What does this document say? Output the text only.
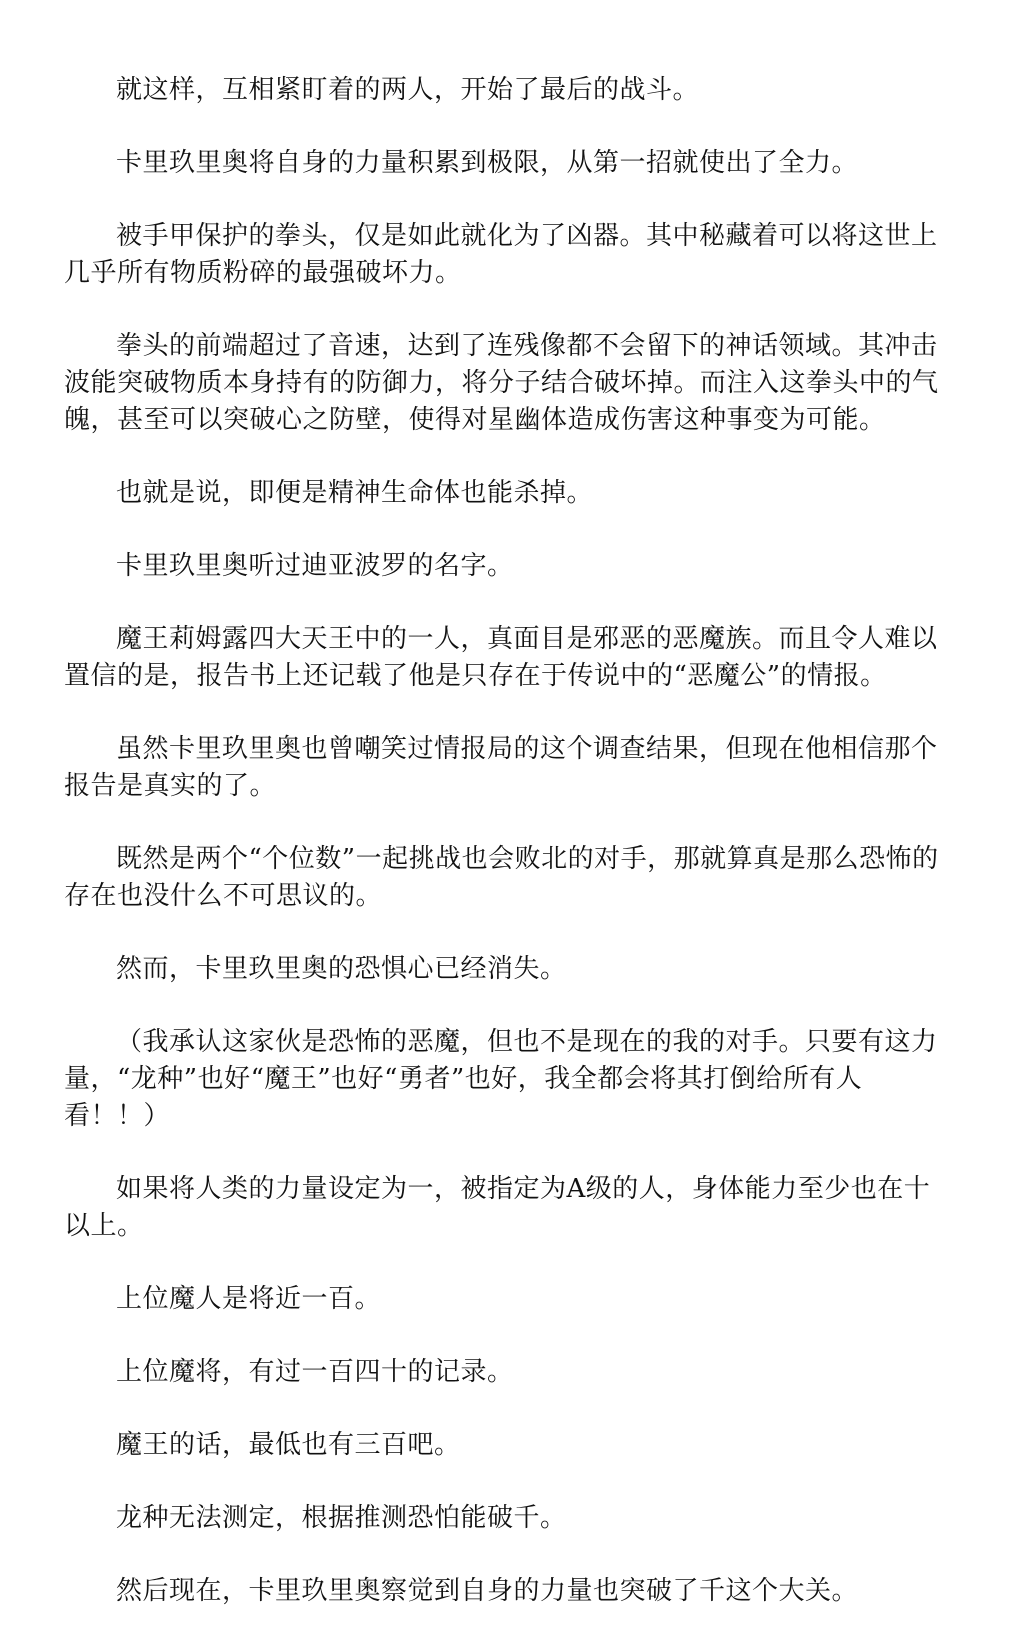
就这样，互相紧盯着的两人，开始了最后的战斗。

卡里玖里奥将自身的力量积累到极限，从第一招就使出了全力。

被手甲保护的拳头，仅是如此就化为了凶器。其中秘藏着可以将这世上几乎所有物质粉碎的最强破坏力。

拳头的前端超过了音速，达到了连残像都不会留下的神话领域。其冲击波能突破物质本身持有的防御力，将分子结合破坏掉。而注入这拳头中的气魄，甚至可以突破心之防壁，使得对星幽体造成伤害这种事变为可能。

也就是说，即便是精神生命体也能杀掉。

卡里玖里奥听过迪亚波罗的名字。

魔王莉姆露四大天王中的一人，真面目是邪恶的恶魔族。而且令人难以置信的是，报告书上还记载了他是只存在于传说中的“恶魔公”的情报。

虽然卡里玖里奥也曾嘲笑过情报局的这个调查结果，但现在他相信那个报告是真实的了。

既然是两个“个位数”一起挑战也会败北的对手，那就算真是那么恐怖的存在也没什么不可思议的。

然而，卡里玖里奥的恐惧心已经消失。

（我承认这家伙是恐怖的恶魔，但也不是现在的我的对手。只要有这力量，“龙种”也好“魔王”也好“勇者”也好，我全都会将其打倒给所有人看！！）

如果将人类的力量设定为一，被指定为A级的人，身体能力至少也在十以上。

上位魔人是将近一百。

上位魔将，有过一百四十的记录。

魔王的话，最低也有三百吧。

龙种无法测定，根据推测恐怕能破千。

然后现在，卡里玖里奥察觉到自身的力量也突破了千这个大关。
